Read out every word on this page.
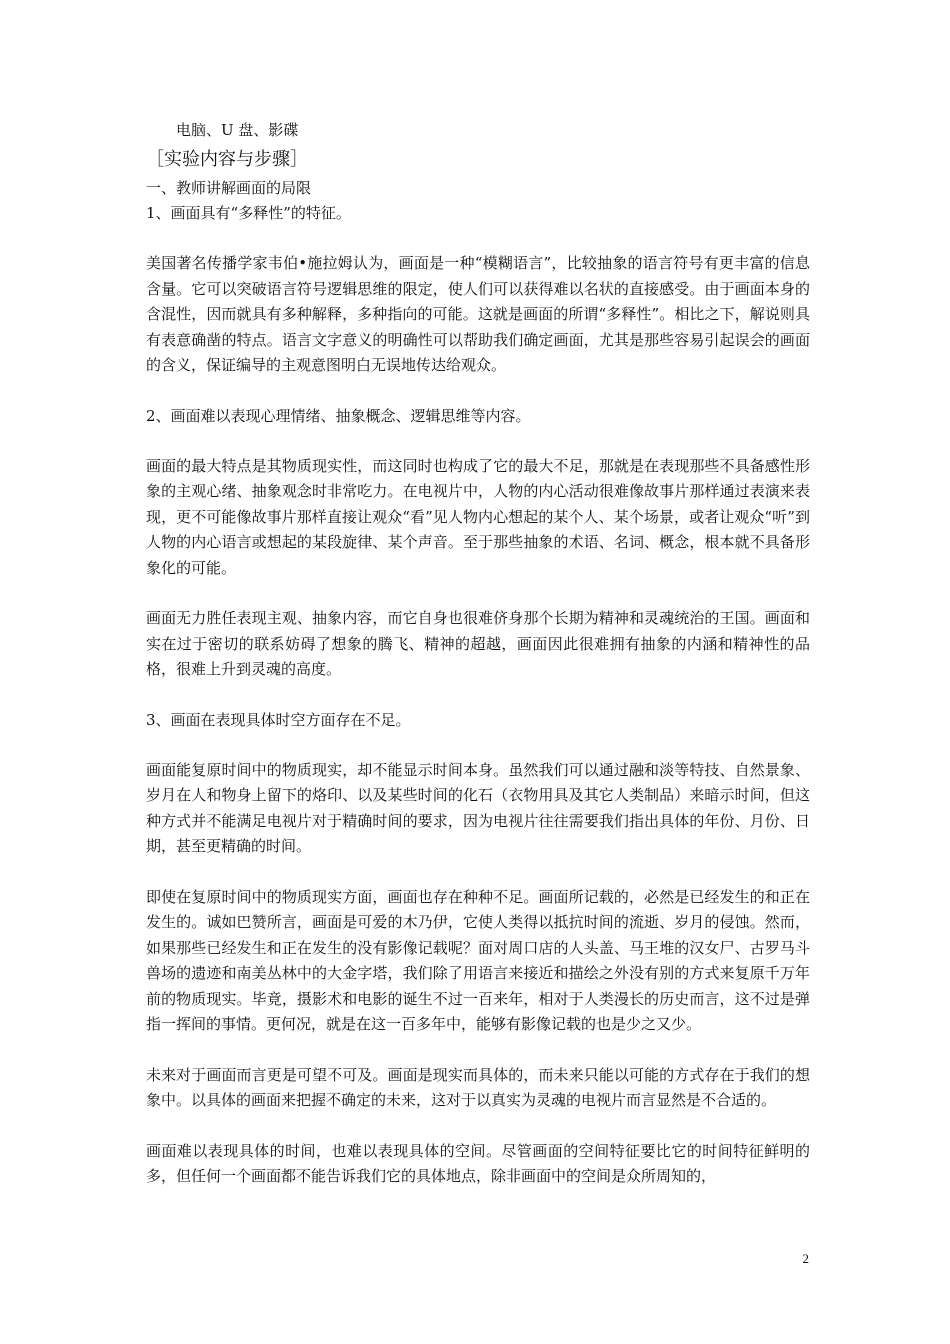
电脑、U 盘、影碟

［实验内容与步骤］

一、教师讲解画面的局限

1、画面具有“多释性”的特征。

美国著名传播学家韦伯•施拉姆认为，画面是一种“模糊语言”，比较抽象的语言符号有更丰富的信息含量。它可以突破语言符号逻辑思维的限定，使人们可以获得难以名状的直接感受。由于画面本身的含混性，因而就具有多种解释，多种指向的可能。这就是画面的所谓“多释性”。相比之下，解说则具有表意确凿的特点。语言文字意义的明确性可以帮助我们确定画面，尤其是那些容易引起误会的画面的含义，保证编导的主观意图明白无误地传达给观众。

2、画面难以表现心理情绪、抽象概念、逻辑思维等内容。

画面的最大特点是其物质现实性，而这同时也构成了它的最大不足，那就是在表现那些不具备感性形象的主观心绪、抽象观念时非常吃力。在电视片中，人物的内心活动很难像故事片那样通过表演来表现，更不可能像故事片那样直接让观众“看”见人物内心想起的某个人、某个场景，或者让观众“听”到人物的内心语言或想起的某段旋律、某个声音。至于那些抽象的术语、名词、概念，根本就不具备形象化的可能。

画面无力胜任表现主观、抽象内容，而它自身也很难侪身那个长期为精神和灵魂统治的王国。画面和实在过于密切的联系妨碍了想象的腾飞、精神的超越，画面因此很难拥有抽象的内涵和精神性的品格，很难上升到灵魂的高度。

3、画面在表现具体时空方面存在不足。

画面能复原时间中的物质现实，却不能显示时间本身。虽然我们可以通过融和淡等特技、自然景象、岁月在人和物身上留下的烙印、以及某些时间的化石（衣物用具及其它人类制品）来暗示时间，但这种方式并不能满足电视片对于精确时间的要求，因为电视片往往需要我们指出具体的年份、月份、日期，甚至更精确的时间。

即使在复原时间中的物质现实方面，画面也存在种种不足。画面所记载的，必然是已经发生的和正在发生的。诚如巴赞所言，画面是可爱的木乃伊，它使人类得以抵抗时间的流逝、岁月的侵蚀。然而，如果那些已经发生和正在发生的没有影像记载呢？面对周口店的人头盖、马王堆的汉女尸、古罗马斗兽场的遗迹和南美丛林中的大金字塔，我们除了用语言来接近和描绘之外没有别的方式来复原千万年前的物质现实。毕竟，摄影术和电影的诞生不过一百来年，相对于人类漫长的历史而言，这不过是弹指一挥间的事情。更何况，就是在这一百多年中，能够有影像记载的也是少之又少。

未来对于画面而言更是可望不可及。画面是现实而具体的，而未来只能以可能的方式存在于我们的想象中。以具体的画面来把握不确定的未来，这对于以真实为灵魂的电视片而言显然是不合适的。

画面难以表现具体的时间，也难以表现具体的空间。尽管画面的空间特征要比它的时间特征鲜明的多，但任何一个画面都不能告诉我们它的具体地点，除非画面中的空间是众所周知的，

2
